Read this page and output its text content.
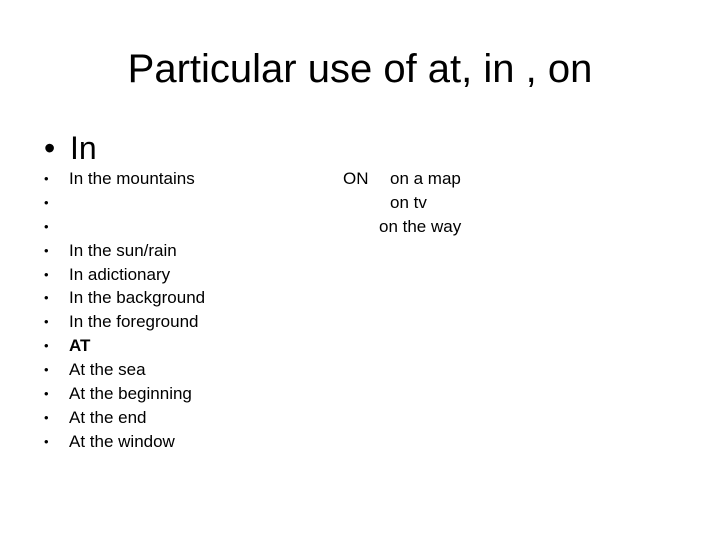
Particular use of at, in , on
• In
•	In the mountains
•
•
•	In the sun/rain
•	In adictionary
•	In the background
•	In the foreground
•	AT
•	At the sea
•	At the beginning
•	At the end
•	At the window
ON on a map
on tv
on the way
